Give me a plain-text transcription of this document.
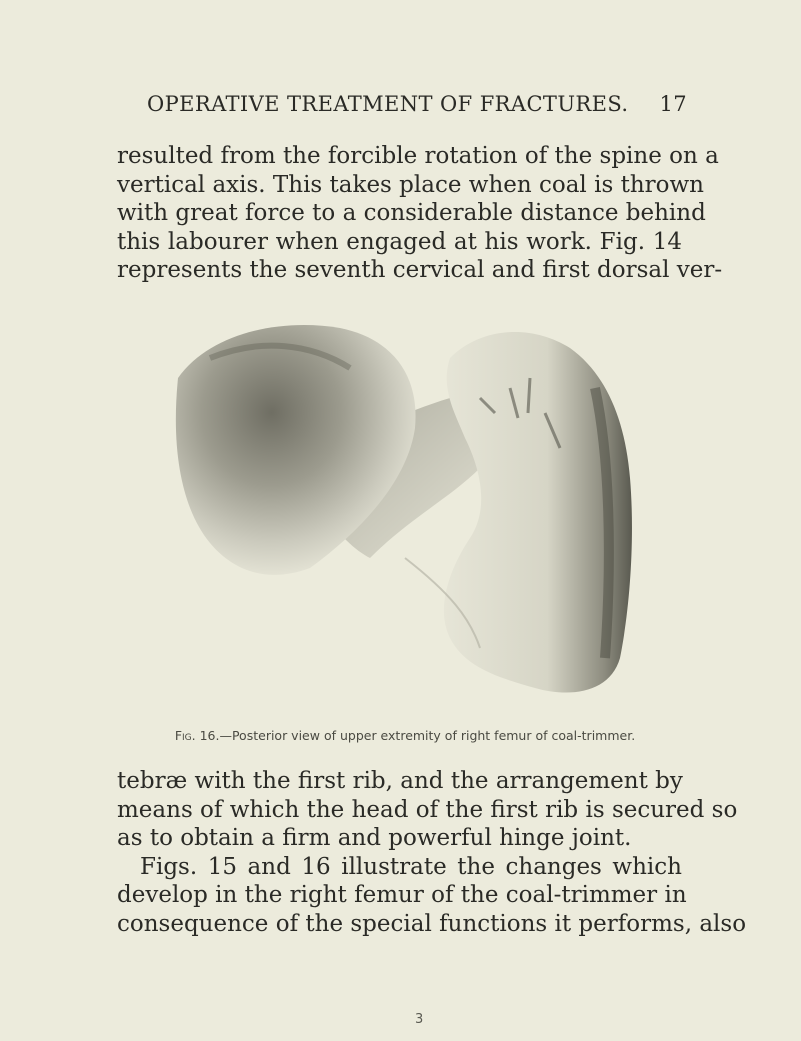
OPERATIVE TREATMENT OF FRACTURES. 17
resulted from the forcible rotation of the spine on a
vertical axis. This takes place when coal is thrown
with great force to a considerable distance behind
this labourer when engaged at his work. Fig. 14
represents the seventh cervical and first dorsal ver-
Fig. 16.—Posterior view of upper extremity of right femur of coal-trimmer.
tebræ with the first rib, and the arrangement by
means of which the head of the first rib is secured so
as to obtain a firm and powerful hinge joint.
Figs. 15 and 16 illustrate the changes which
develop in the right femur of the coal-trimmer in
consequence of the special functions it performs, also
3
